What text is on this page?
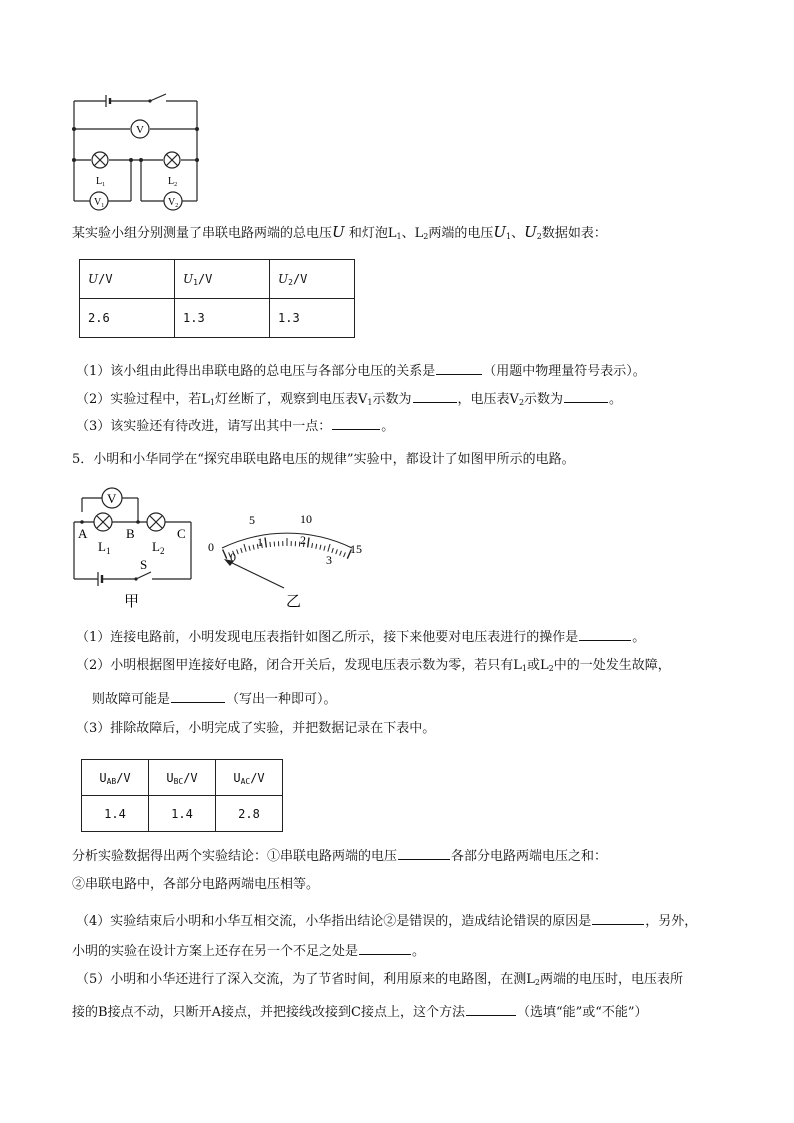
V
$L_1$	$L_2$
$V_1$	$V_2$
某实验小组分别测量了串联电路两端的总电压U 和灯泡$L_1$、$L_2$两端的电压$U_1$、$U_2$数据如表：
U/V	$U_1/V$	$U_2/V$
2.6	1.3	1.3
（1）该小组由此得出串联电路的总电压与各部分电压的关系是	（用题中物理量符号表示）。
（2）实验过程中，若$L_1$灯丝断了，观察到电压表$V_1$示数为	，电压表$V_2$示数为	。
（3）该实验还有待改进，请写出其中一点：	。
5．小明和小华同学在“探究串联电路电压的规律”实验中，都设计了如图甲所示的电路。
V
A	B	C
$L_1$	$L_2$
S
甲
0
5	10
15
0
1	2
3
乙
（1）连接电路前，小明发现电压表指针如图乙所示，接下来他要对电压表进行的操作是	。
（2）小明根据图甲连接好电路，闭合开关后，发现电压表示数为零，若只有$L_1$或$L_2$中的一处发生故障，
则故障可能是	（写出一种即可）。
（3）排除故障后，小明完成了实验，并把数据记录在下表中。
$U_{AB}/V$	$U_{BC}/V$	$U_{AC}/V$
1.4	1.4	2.8
分析实验数据得出两个实验结论：①串联电路两端的电压	各部分电路两端电压之和：
②串联电路中，各部分电路两端电压相等。
（4）实验结束后小明和小华互相交流，小华指出结论②是错误的，造成结论错误的原因是	，另外，
小明的实验在设计方案上还存在另一个不足之处是	。
（5）小明和小华还进行了深入交流，为了节省时间，利用原来的电路图，在测$L_2$两端的电压时，电压表所
接的B接点不动，只断开A接点，并把接线改接到C接点上，这个方法	（选填“能”或“不能”）
